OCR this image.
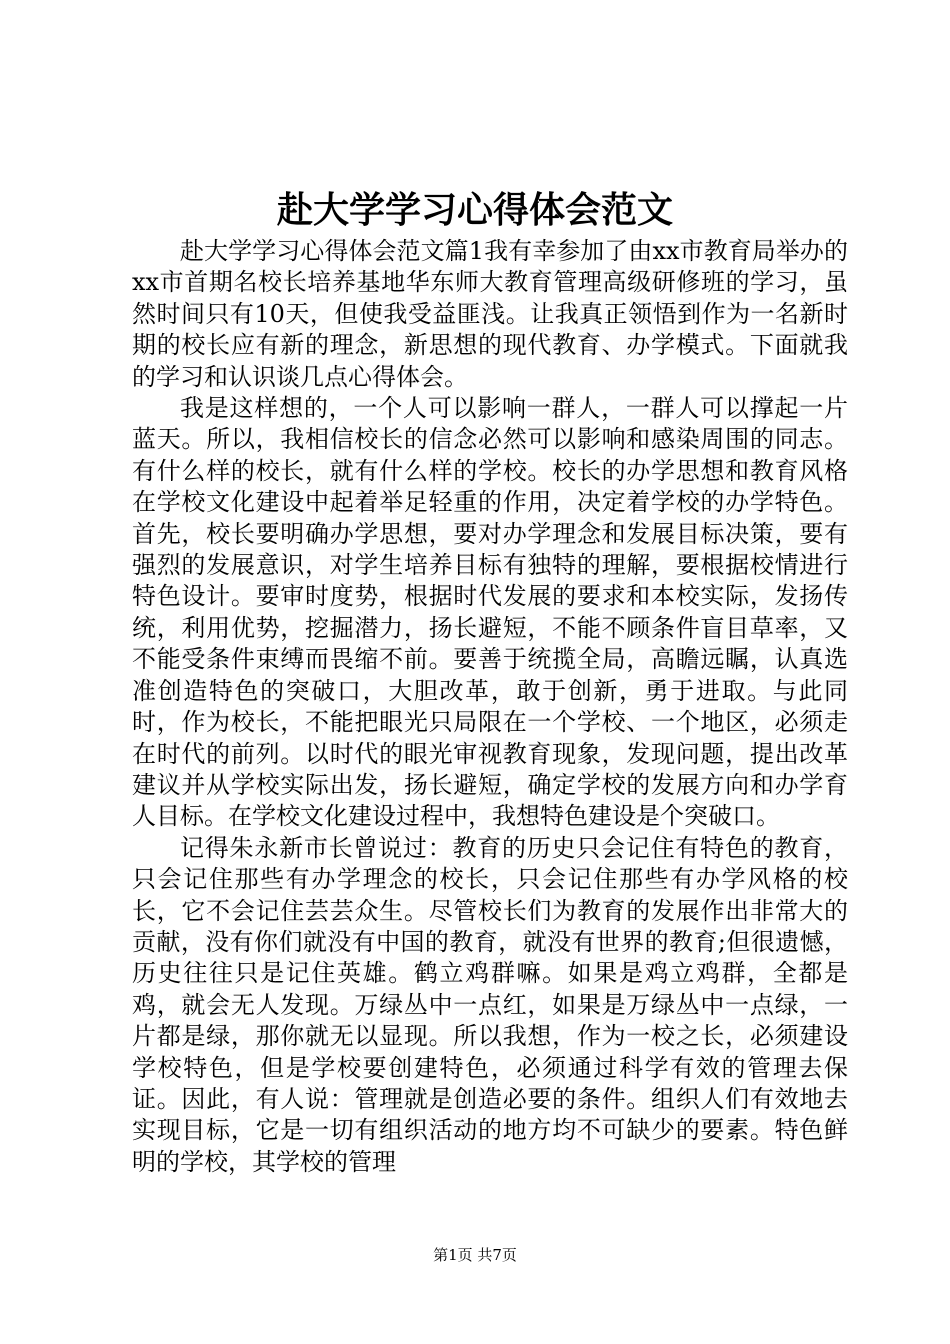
赴大学学习心得体会范文

赴大学学习心得体会范文篇1我有幸参加了由xx市教育局举办的xx市首期名校长培养基地华东师大教育管理高级研修班的学习，虽然时间只有10天，但使我受益匪浅。让我真正领悟到作为一名新时期的校长应有新的理念，新思想的现代教育、办学模式。下面就我的学习和认识谈几点心得体会。

我是这样想的，一个人可以影响一群人，一群人可以撑起一片蓝天。所以，我相信校长的信念必然可以影响和感染周围的同志。有什么样的校长，就有什么样的学校。校长的办学思想和教育风格在学校文化建设中起着举足轻重的作用，决定着学校的办学特色。首先，校长要明确办学思想，要对办学理念和发展目标决策，要有强烈的发展意识，对学生培养目标有独特的理解，要根据校情进行特色设计。要审时度势，根据时代发展的要求和本校实际，发扬传统，利用优势，挖掘潜力，扬长避短，不能不顾条件盲目草率，又不能受条件束缚而畏缩不前。要善于统揽全局，高瞻远瞩，认真选准创造特色的突破口，大胆改革，敢于创新，勇于进取。与此同时，作为校长，不能把眼光只局限在一个学校、一个地区，必须走在时代的前列。以时代的眼光审视教育现象，发现问题，提出改革建议并从学校实际出发，扬长避短，确定学校的发展方向和办学育人目标。在学校文化建设过程中，我想特色建设是个突破口。

记得朱永新市长曾说过：教育的历史只会记住有特色的教育，只会记住那些有办学理念的校长，只会记住那些有办学风格的校长，它不会记住芸芸众生。尽管校长们为教育的发展作出非常大的贡献，没有你们就没有中国的教育，就没有世界的教育;但很遗憾，历史往往只是记住英雄。鹤立鸡群嘛。如果是鸡立鸡群，全都是鸡，就会无人发现。万绿丛中一点红，如果是万绿丛中一点绿，一片都是绿，那你就无以显现。所以我想，作为一校之长，必须建设学校特色，但是学校要创建特色，必须通过科学有效的管理去保证。因此，有人说：管理就是创造必要的条件。组织人们有效地去实现目标，它是一切有组织活动的地方均不可缺少的要素。特色鲜明的学校，其学校的管理

第1页 共7页
